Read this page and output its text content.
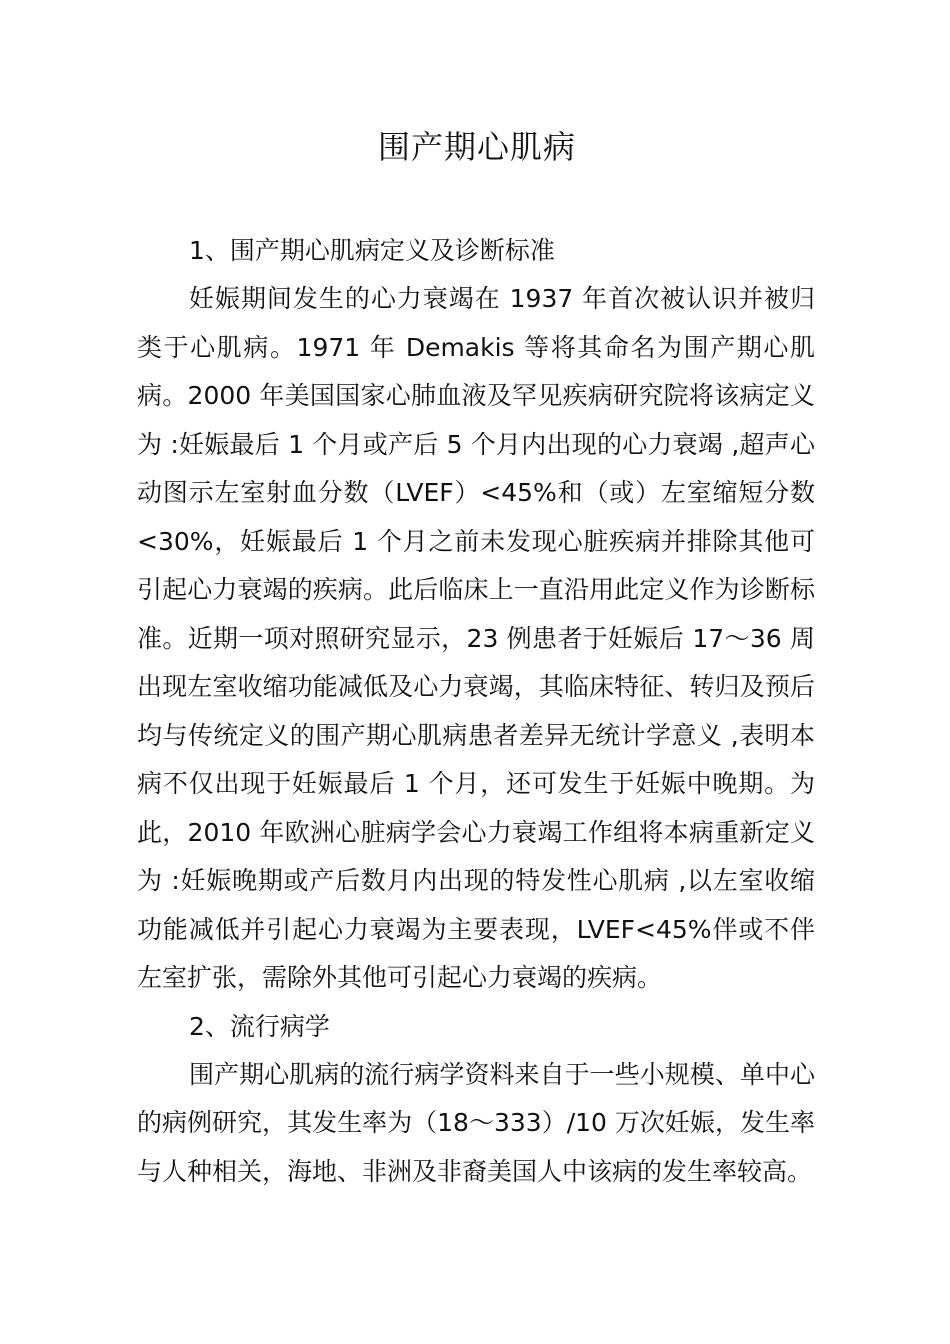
围产期心肌病

1、围产期心肌病定义及诊断标准

妊娠期间发生的心力衰竭在 1937 年首次被认识并被归类于心肌病。1971 年 Demakis 等将其命名为围产期心肌病。2000 年美国国家心肺血液及罕见疾病研究院将该病定义为 :妊娠最后 1 个月或产后 5 个月内出现的心力衰竭 ,超声心动图示左室射血分数（LVEF）<45%和（或）左室缩短分数<30%，妊娠最后 1 个月之前未发现心脏疾病并排除其他可引起心力衰竭的疾病。此后临床上一直沿用此定义作为诊断标准。近期一项对照研究显示，23 例患者于妊娠后 17～36 周出现左室收缩功能减低及心力衰竭，其临床特征、转归及预后均与传统定义的围产期心肌病患者差异无统计学意义 ,表明本病不仅出现于妊娠最后 1 个月，还可发生于妊娠中晚期。为此，2010 年欧洲心脏病学会心力衰竭工作组将本病重新定义为 :妊娠晚期或产后数月内出现的特发性心肌病 ,以左室收缩功能减低并引起心力衰竭为主要表现，LVEF<45%伴或不伴左室扩张，需除外其他可引起心力衰竭的疾病。

2、流行病学

围产期心肌病的流行病学资料来自于一些小规模、单中心的病例研究，其发生率为（18～333）/10 万次妊娠，发生率与人种相关，海地、非洲及非裔美国人中该病的发生率较高。
